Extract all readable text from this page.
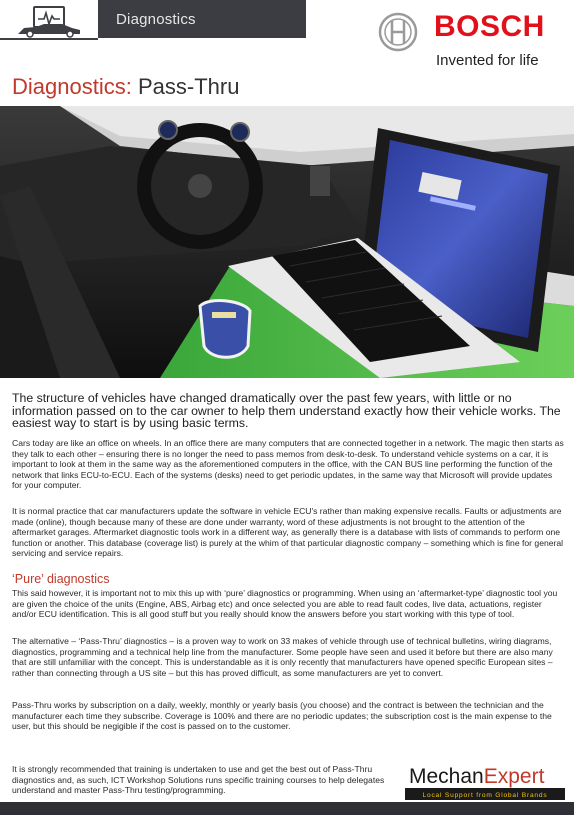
Diagnostics	BOSCH
Invented for life
Diagnostics: Pass-Thru
The structure of vehicles have changed dramatically over the past few years, with little or no information passed on to the car owner to help them understand exactly how their vehicle works. The easiest way to start is by using basic terms.

Cars today are like an office on wheels. In an office there are many computers that are connected together in a network. The magic then starts as they talk to each other – ensuring there is no longer the need to pass memos from desk-to-desk. To understand vehicle systems on a car, it is important to look at them in the same way as the aforementioned computers in the office, with the CAN BUS line performing the function of the network that links ECU-to-ECU. Each of the systems (desks) need to get periodic updates, in the same way that Microsoft will provide updates for your computer.

It is normal practice that car manufacturers update the software in vehicle ECU's rather than making expensive recalls. Faults or adjustments are made (online), though because many of these are done under warranty, word of these adjustments is not brought to the attention of the aftermarket garages. Aftermarket diagnostic tools work in a different way, as generally there is a database with lists of commands to perform one function or another. This database (coverage list) is purely at the whim of that particular diagnostic company – something which is fine for general servicing and service repairs.

‘Pure’ diagnostics

This said however, it is important not to mix this up with ‘pure’ diagnostics or programming. When using an ‘aftermarket-type’ diagnostic tool you are given the choice of the units (Engine, ABS, Airbag etc) and once selected you are able to read fault codes, live data, actuations, register and/or ECU identification. This is all good stuff but you really should know the answers before you start working with this type of tool.

The alternative – ‘Pass-Thru’ diagnostics – is a proven way to work on 33 makes of vehicle through use of technical bulletins, wiring diagrams, diagnostics, programming and a technical help line from the manufacturer. Some people have seen and used it before but there are also many that are still unfamiliar with the concept. This is understandable as it is only recently that manufacturers have opened specific European sites – rather than connecting through a US site – but this has proved difficult, as some manufacturers are yet to convert.

Pass-Thru works by subscription on a daily, weekly, monthly or yearly basis (you choose) and the contract is between the technician and the manufacturer each time they subscribe. Coverage is 100% and there are no periodic updates; the subscription cost is the main expense to the user, but this should be negigible if the cost is passed on to the customer.

It is strongly recommended that training is undertaken to use and get the best out of Pass-Thru diagnostics and, as such, ICT Workshop Solutions runs specific training courses to help delegates understand and master Pass-Thru testing/programming.

MechanExpert
Local Support from Global Brands
